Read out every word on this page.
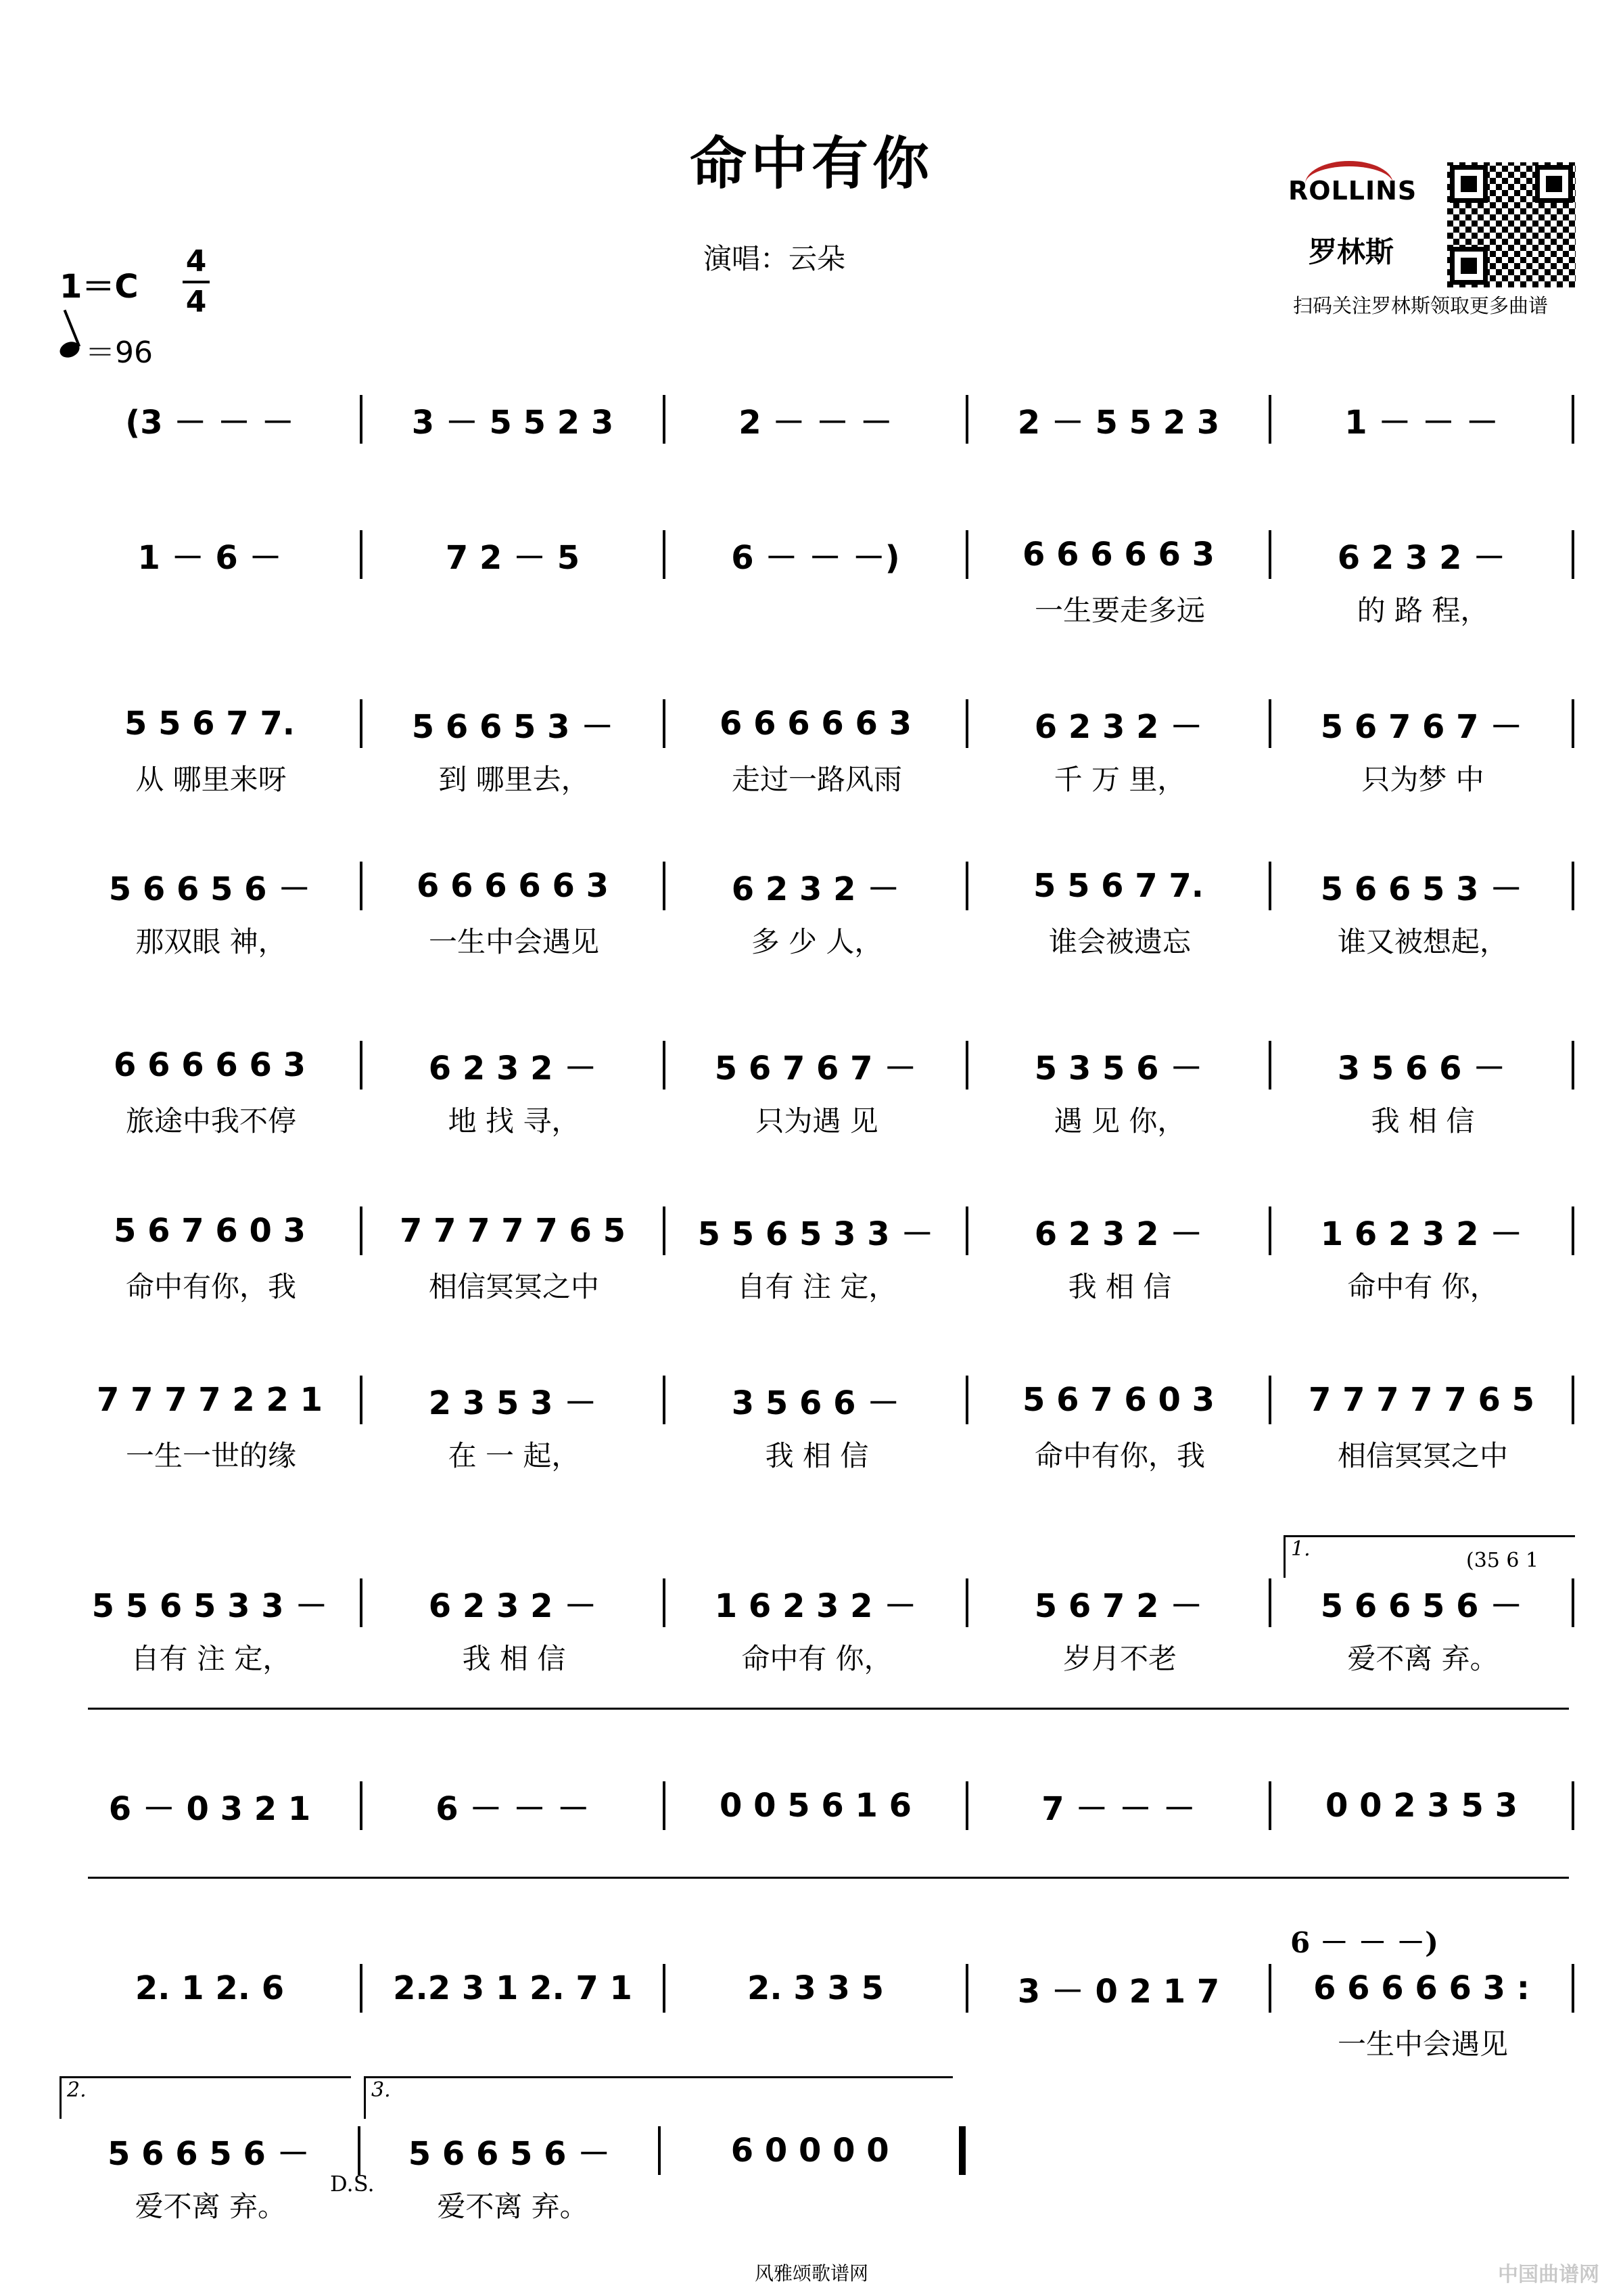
命中有你
演唱：云朵
1＝C
4
4
＝96
ROLLINS
罗林斯
扫码关注罗林斯领取更多曲谱
(3 － － －	3 － 5 5 2 3	2 － － －	2 － 5 5 2 3	1 － － －
1 － 6 －	7 2 － 5	6 － － －)	6 6 6 6 6 3	6 2 3 2 －
一生要走多远	的 路 程，
5 5 6 7 7.	5 6 6 5 3 －	6 6 6 6 6 3	6 2 3 2 －	5 6 7 6 7 －
从 哪里来呀	到 哪里去，	走过一路风雨	千 万 里，	只为梦 中
5 6 6 5 6 －	6 6 6 6 6 3	6 2 3 2 －	5 5 6 7 7.	5 6 6 5 3 －
那双眼 神，	一生中会遇见	多 少 人，	谁会被遗忘	谁又被想起，
6 6 6 6 6 3	6 2 3 2 －	5 6 7 6 7 －	5 3 5 6 －	3 5 6 6 －
旅途中我不停	地 找 寻，	只为遇 见	遇 见 你，	我 相 信
5 6 7 6 0 3	7 7 7 7 7 6 5	5 5 6 5 3 3 －	6 2 3 2 －	1 6 2 3 2 －
命中有你，我	相信冥冥之中	自有 注 定，	我 相 信	命中有 你，
7 7 7 7 2 2 1	2 3 5 3 －	3 5 6 6 －	5 6 7 6 0 3	7 7 7 7 7 6 5
一生一世的缘	在 一 起，	我 相 信	命中有你，我	相信冥冥之中
5 5 6 5 3 3 －	6 2 3 2 －	1 6 2 3 2 －	5 6 7 2 －	5 6 6 5 6 －
自有 注 定，	我 相 信	命中有 你，	岁月不老	爱不离 弃。
1.	(35 6 1
6 － 0 3 2 1	6 － － －	0 0 5 6 1 6	7 － － －	0 0 2 3 5 3
2. 1 2. 6	2.2 3 1 2. 7 1	2. 3 3 5	3 － 0 2 1 7	6 6 6 6 6 3 :
一生中会遇见
6 － － －)
5 6 6 5 6 －	5 6 6 5 6 －	6 0 0 0 0
爱不离 弃。	爱不离 弃。
2.	3.
D.S.
风雅颂歌谱网	中国曲谱网
